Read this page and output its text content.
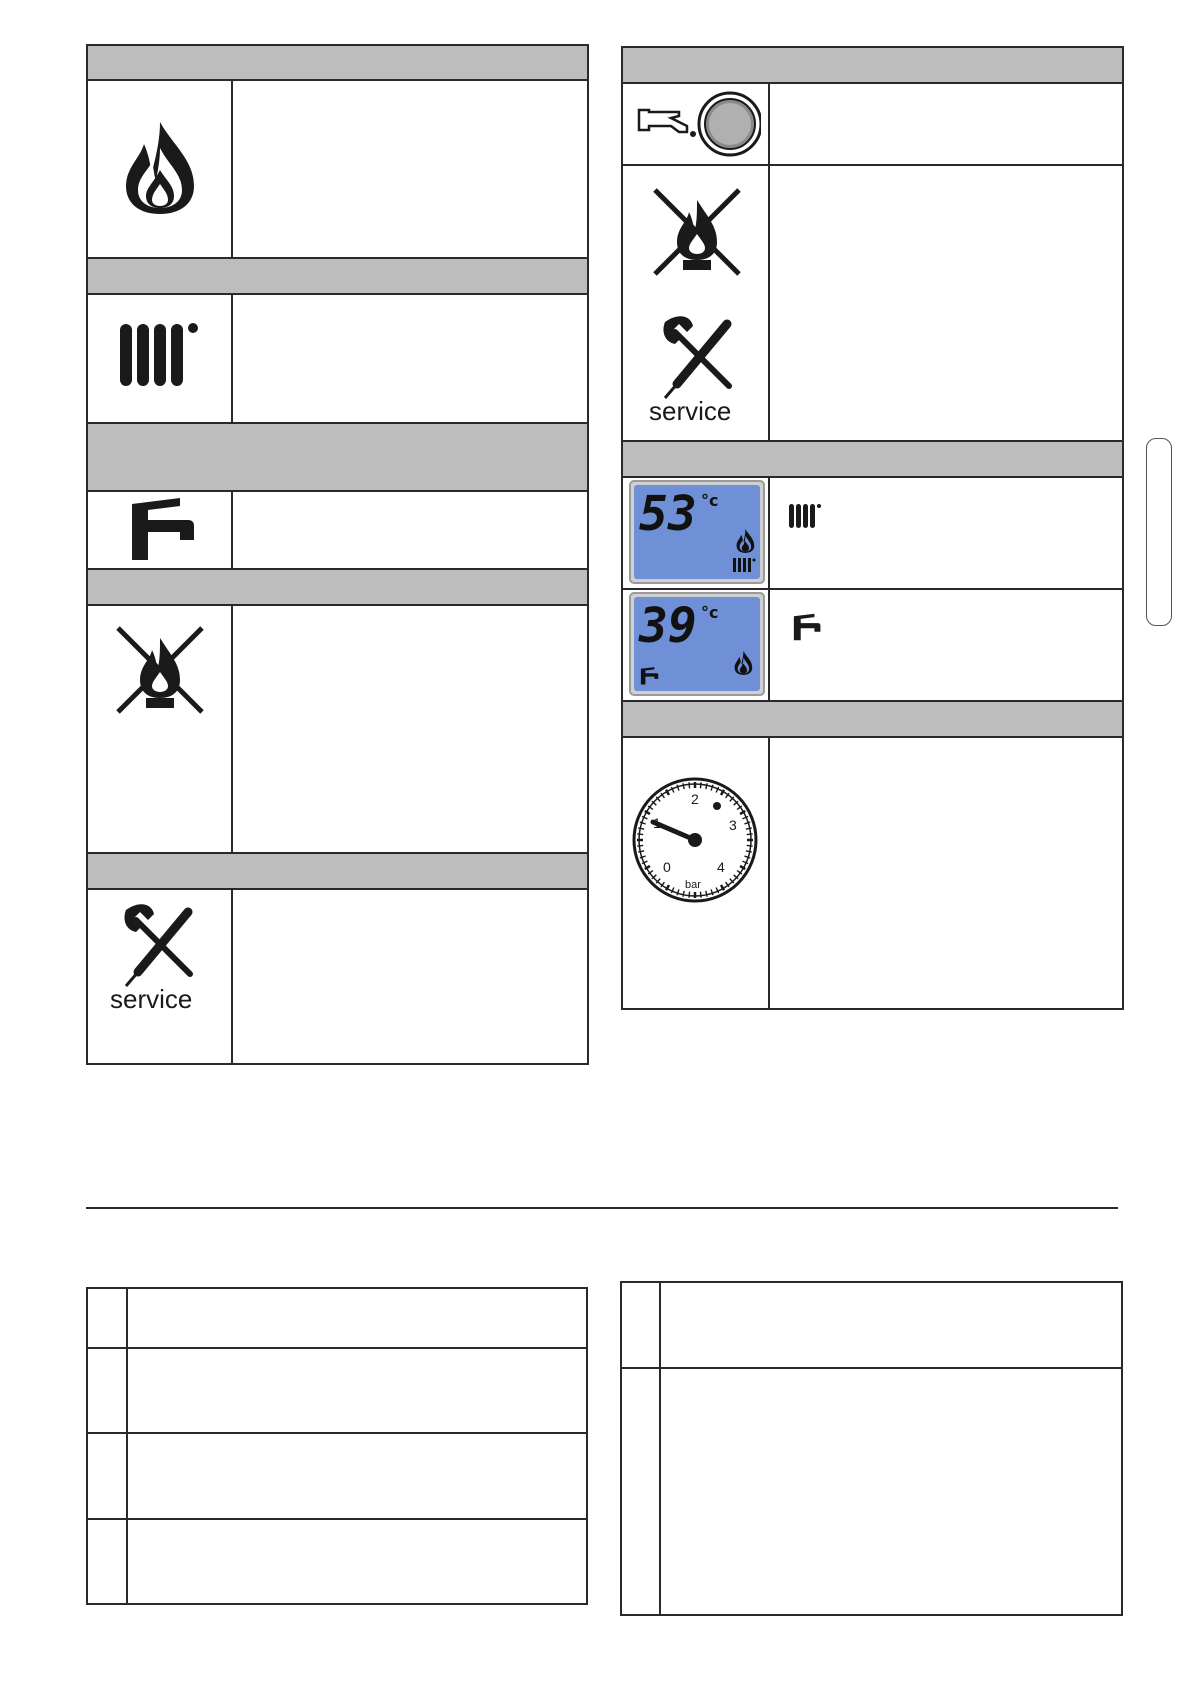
service
service
53 °c
39 °c
2
3
0	4
bar
